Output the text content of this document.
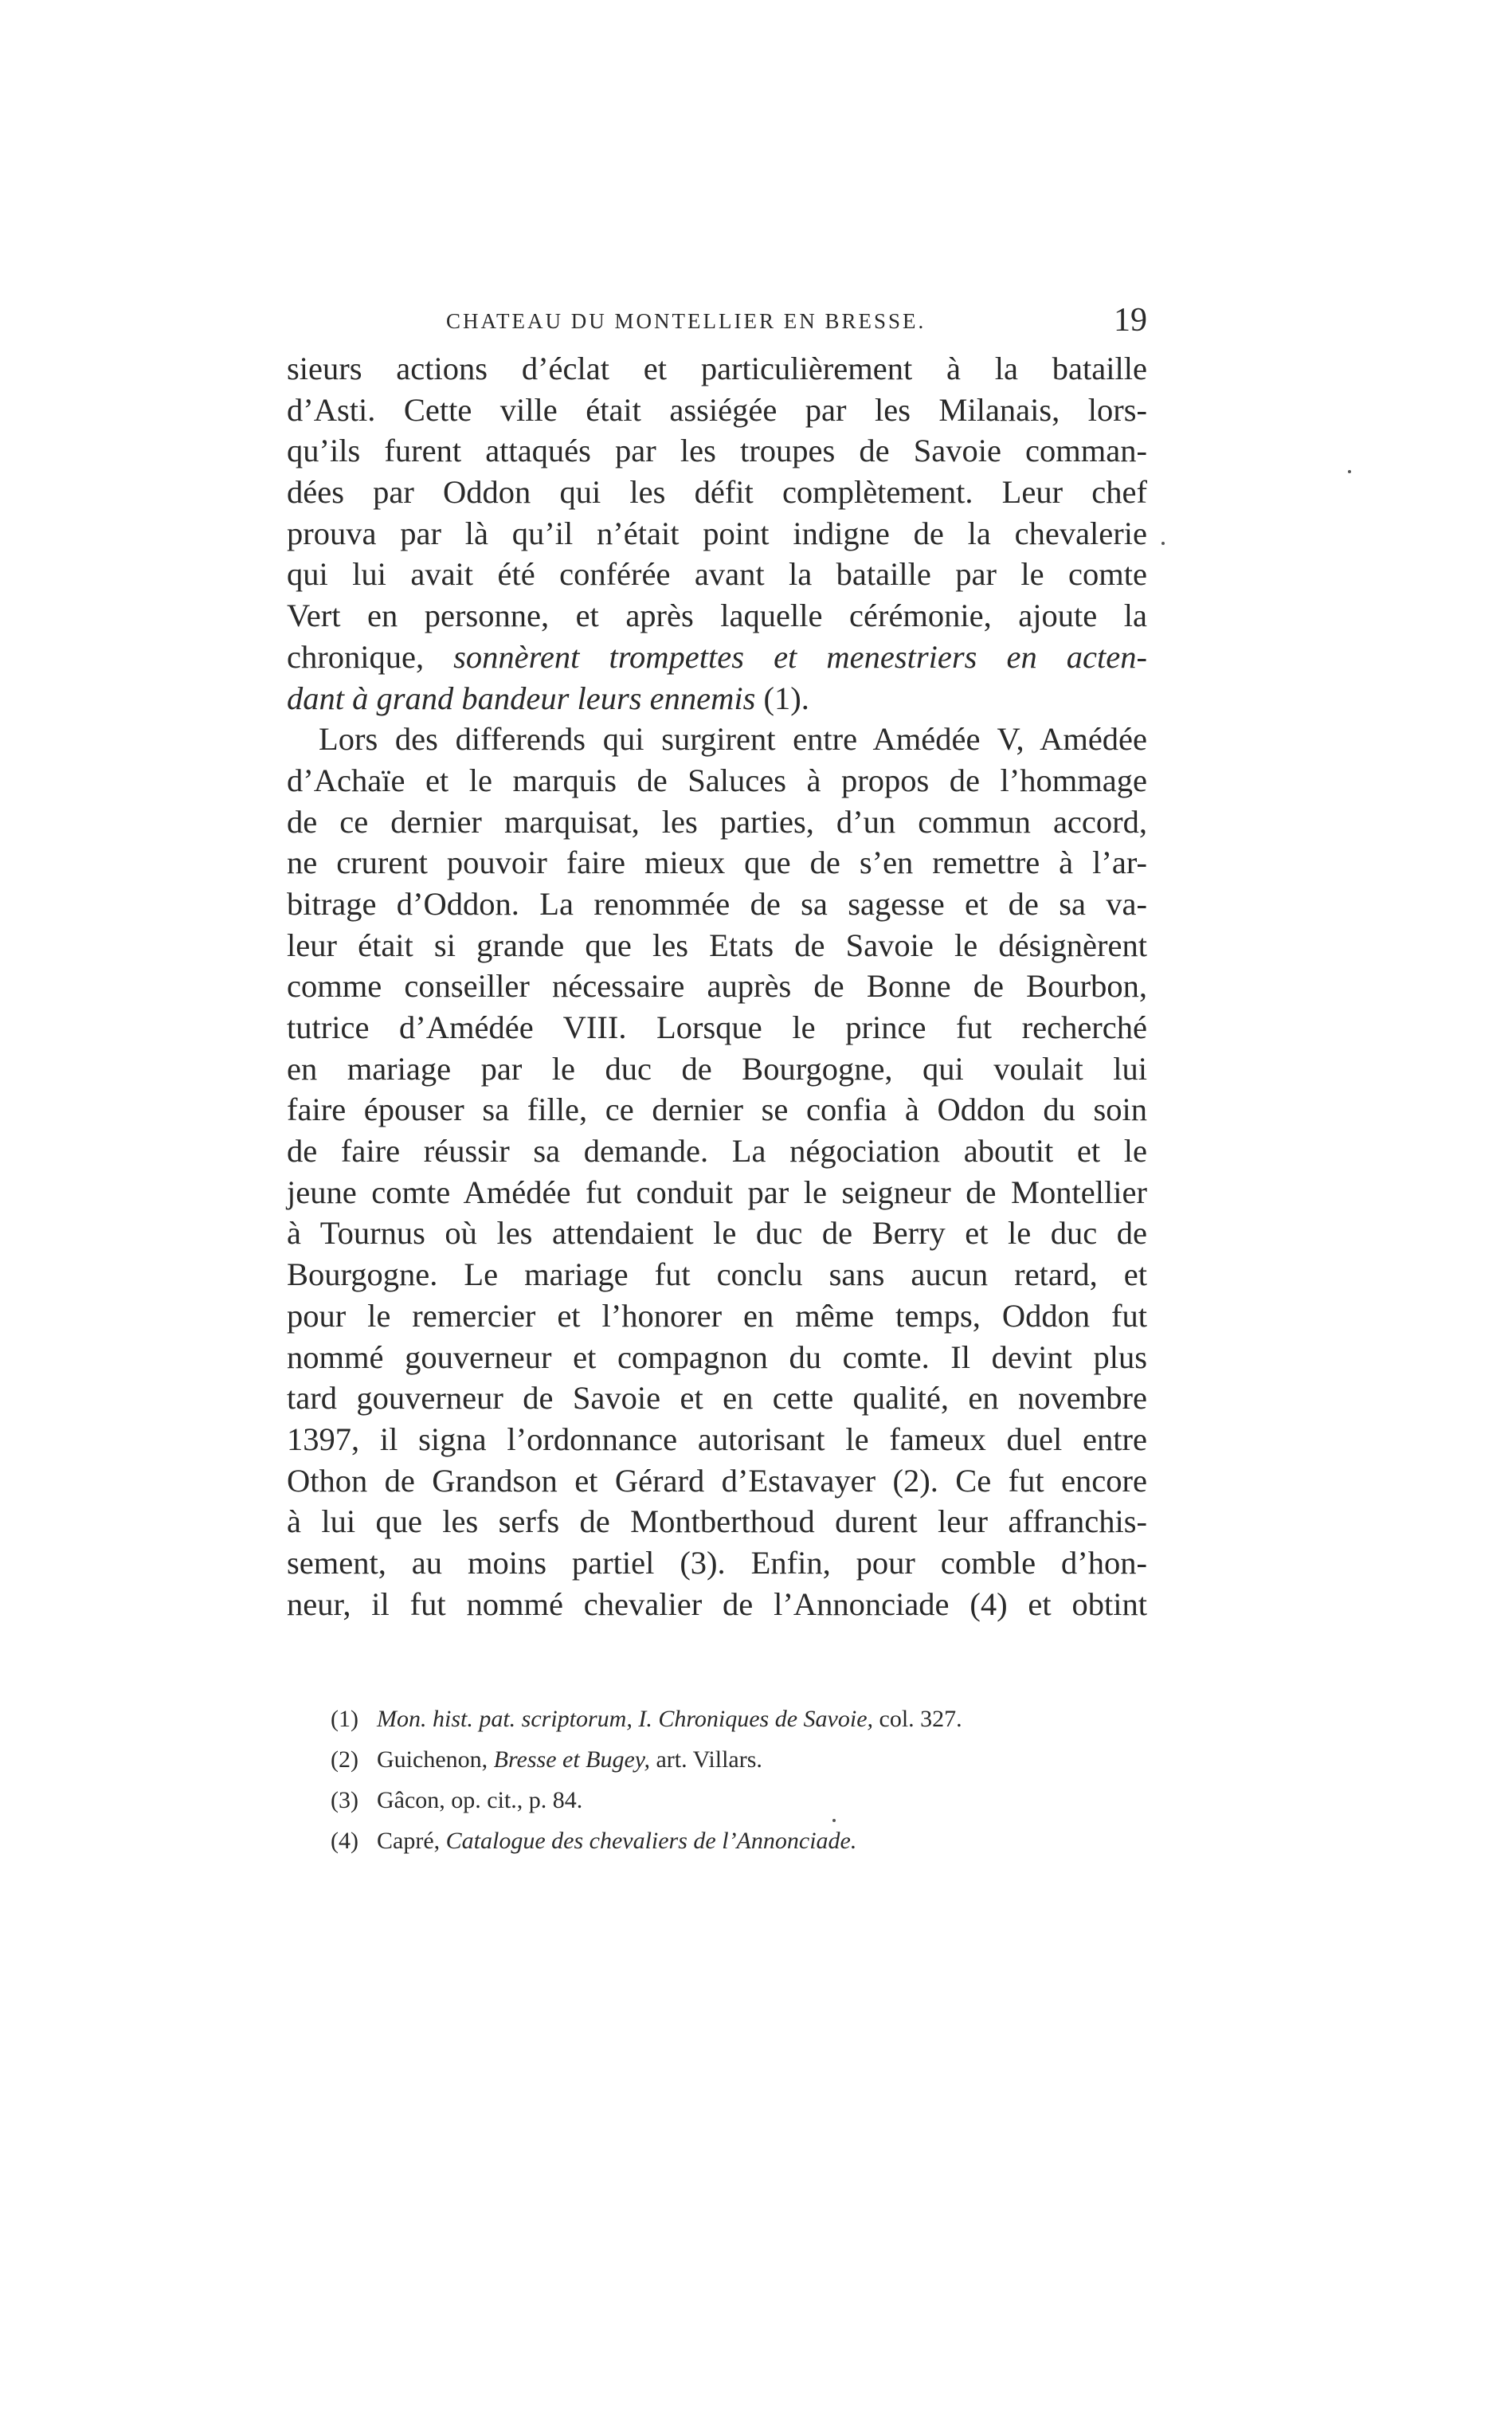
CHATEAU DU MONTELLIER EN BRESSE.	19
sieurs actions d’éclat et particulièrement à la bataille
d’Asti. Cette ville était assiégée par les Milanais, lors-
qu’ils furent attaqués par les troupes de Savoie comman-
dées par Oddon qui les défit complètement. Leur chef
prouva par là qu’il n’était point indigne de la chevalerie
qui lui avait été conférée avant la bataille par le comte
Vert en personne, et après laquelle cérémonie, ajoute la
chronique, sonnèrent trompettes et menestriers en acten-
dant à grand bandeur leurs ennemis (1).
Lors des differends qui surgirent entre Amédée V, Amédée
d’Achaïe et le marquis de Saluces à propos de l’hommage
de ce dernier marquisat, les parties, d’un commun accord,
ne crurent pouvoir faire mieux que de s’en remettre à l’ar-
bitrage d’Oddon. La renommée de sa sagesse et de sa va-
leur était si grande que les Etats de Savoie le désignèrent
comme conseiller nécessaire auprès de Bonne de Bourbon,
tutrice d’Amédée VIII. Lorsque le prince fut recherché
en mariage par le duc de Bourgogne, qui voulait lui
faire épouser sa fille, ce dernier se confia à Oddon du soin
de faire réussir sa demande. La négociation aboutit et le
jeune comte Amédée fut conduit par le seigneur de Montellier
à Tournus où les attendaient le duc de Berry et le duc de
Bourgogne. Le mariage fut conclu sans aucun retard, et
pour le remercier et l’honorer en même temps, Oddon fut
nommé gouverneur et compagnon du comte. Il devint plus
tard gouverneur de Savoie et en cette qualité, en novembre
1397, il signa l’ordonnance autorisant le fameux duel entre
Othon de Grandson et Gérard d’Estavayer (2). Ce fut encore
à lui que les serfs de Montberthoud durent leur affranchis-
sement, au moins partiel (3). Enfin, pour comble d’hon-
neur, il fut nommé chevalier de l’Annonciade (4) et obtint
(1) Mon. hist. pat. scriptorum, I. Chroniques de Savoie, col. 327.
(2) Guichenon, Bresse et Bugey, art. Villars.
(3) Gâcon, op. cit., p. 84.
(4) Capré, Catalogue des chevaliers de l’Annonciade.
